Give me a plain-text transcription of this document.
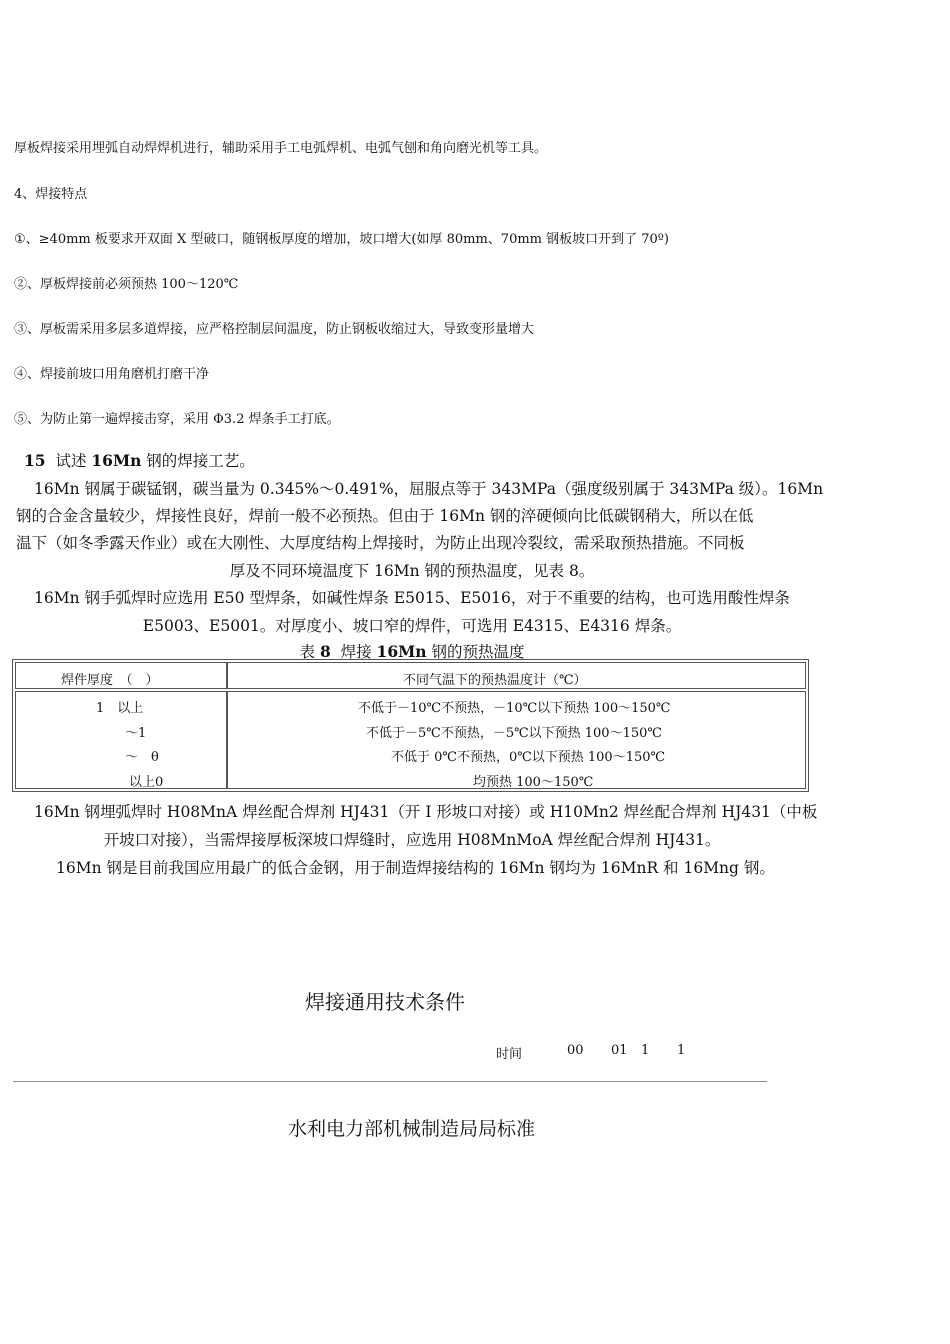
厚板焊接采用埋弧自动焊焊机进行，辅助采用手工电弧焊机、电弧气刨和角向磨光机等工具。
4、焊接特点
①、≥40mm 板要求开双面 X 型破口，随钢板厚度的增加，坡口增大(如厚 80mm、70mm 钢板坡口开到了 70º)
②、厚板焊接前必须预热 100～120℃
③、厚板需采用多层多道焊接，应严格控制层间温度，防止钢板收缩过大，导致变形量增大
④、焊接前坡口用角磨机打磨干净
⑤、为防止第一遍焊接击穿，采用 Φ3.2 焊条手工打底。
15 试述 16Mn 钢的焊接工艺。
16Mn 钢属于碳锰钢，碳当量为 0.345%～0.491%，屈服点等于 343MPa（强度级别属于 343MPa 级）。16Mn
钢的合金含量较少，焊接性良好，焊前一般不必预热。但由于 16Mn 钢的淬硬倾向比低碳钢稍大，所以在低
温下（如冬季露天作业）或在大刚性、大厚度结构上焊接时，为防止出现冷裂纹，需采取预热措施。不同板
厚及不同环境温度下 16Mn 钢的预热温度，见表 8。
16Mn 钢手弧焊时应选用 E50 型焊条，如碱性焊条 E5015、E5016，对于不重要的结构，也可选用酸性焊条
E5003、E5001。对厚度小、坡口窄的焊件，可选用 E4315、E4316 焊条。
表 8  焊接 16Mn 钢的预热温度
焊件厚度　（　）	不同气温下的预热温度计（℃）
1　以上	不低于－10℃不预热，－10℃以下预热 100～150℃
～1	不低于－5℃不预热，－5℃以下预热 100～150℃
～　θ	不低于 0℃不预热，0℃以下预热 100～150℃
以上0	均预热 100～150℃
16Mn 钢埋弧焊时 H08MnA 焊丝配合焊剂 HJ431（开 I 形坡口对接）或 H10Mn2 焊丝配合焊剂 HJ431（中板
开坡口对接），当需焊接厚板深坡口焊缝时，应选用 H08MnMoA 焊丝配合焊剂 HJ431。
16Mn 钢是目前我国应用最广的低合金钢，用于制造焊接结构的 16Mn 钢均为 16MnR 和 16Mng 钢。
焊接通用技术条件
时间	00 01 1 1
水利电力部机械制造局局标准
